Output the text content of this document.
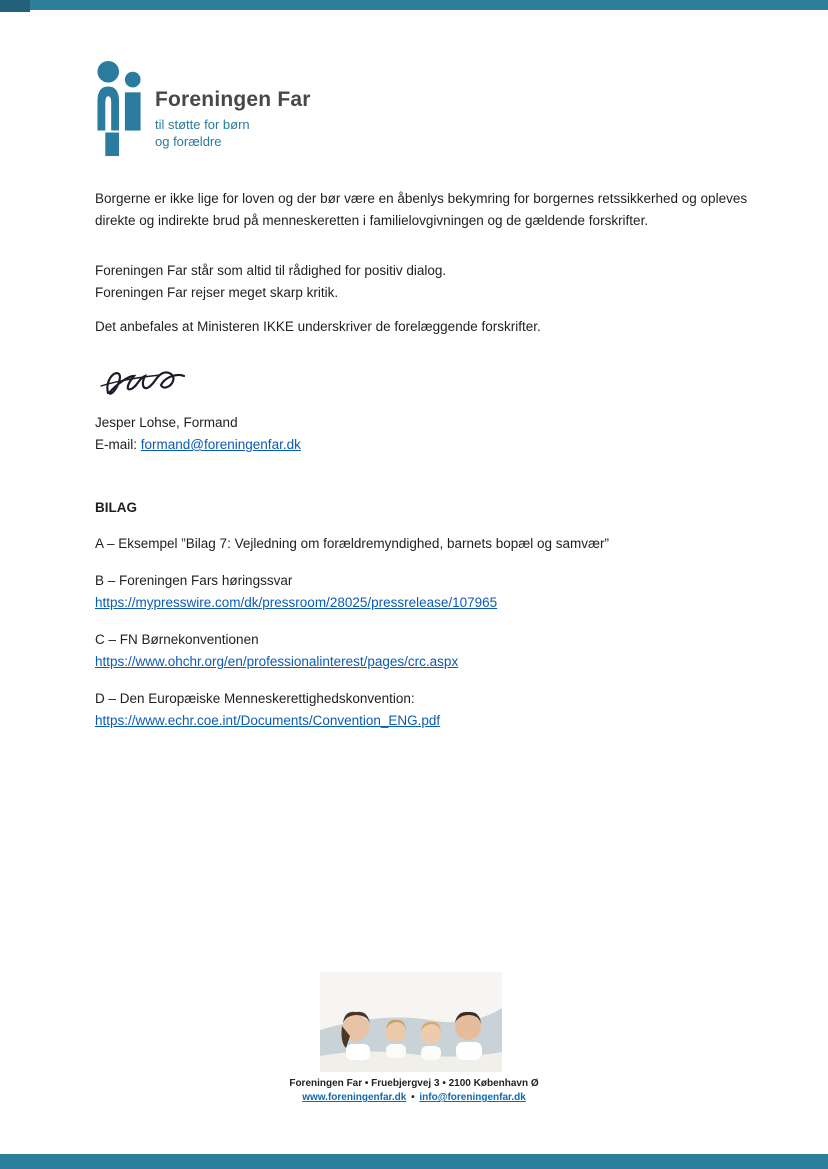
Foreningen Far
til støtte for børn
og forældre

Borgerne er ikke lige for loven og der bør være en åbenlys bekymring for borgernes retssikkerhed og opleves direkte og indirekte brud på menneskeretten i familielovgivningen og de gældende forskrifter.

Foreningen Far står som altid til rådighed for positiv dialog.

Foreningen Far rejser meget skarp kritik.

Det anbefales at Ministeren IKKE underskriver de forelæggende forskrifter.

Jesper Lohse, Formand

E-mail: formand@foreningenfar.dk

BILAG

A – Eksempel ”Bilag 7: Vejledning om forældremyndighed, barnets bopæl og samvær”

B – Foreningen Fars høringssvar

https://mypresswire.com/dk/pressroom/28025/pressrelease/107965

C – FN Børnekonventionen

https://www.ohchr.org/en/professionalinterest/pages/crc.aspx

D – Den Europæiske Menneskerettighedskonvention:

https://www.echr.coe.int/Documents/Convention_ENG.pdf

Foreningen Far • Fruebjergvej 3 • 2100 København Ø
www.foreningenfar.dk • info@foreningenfar.dk
